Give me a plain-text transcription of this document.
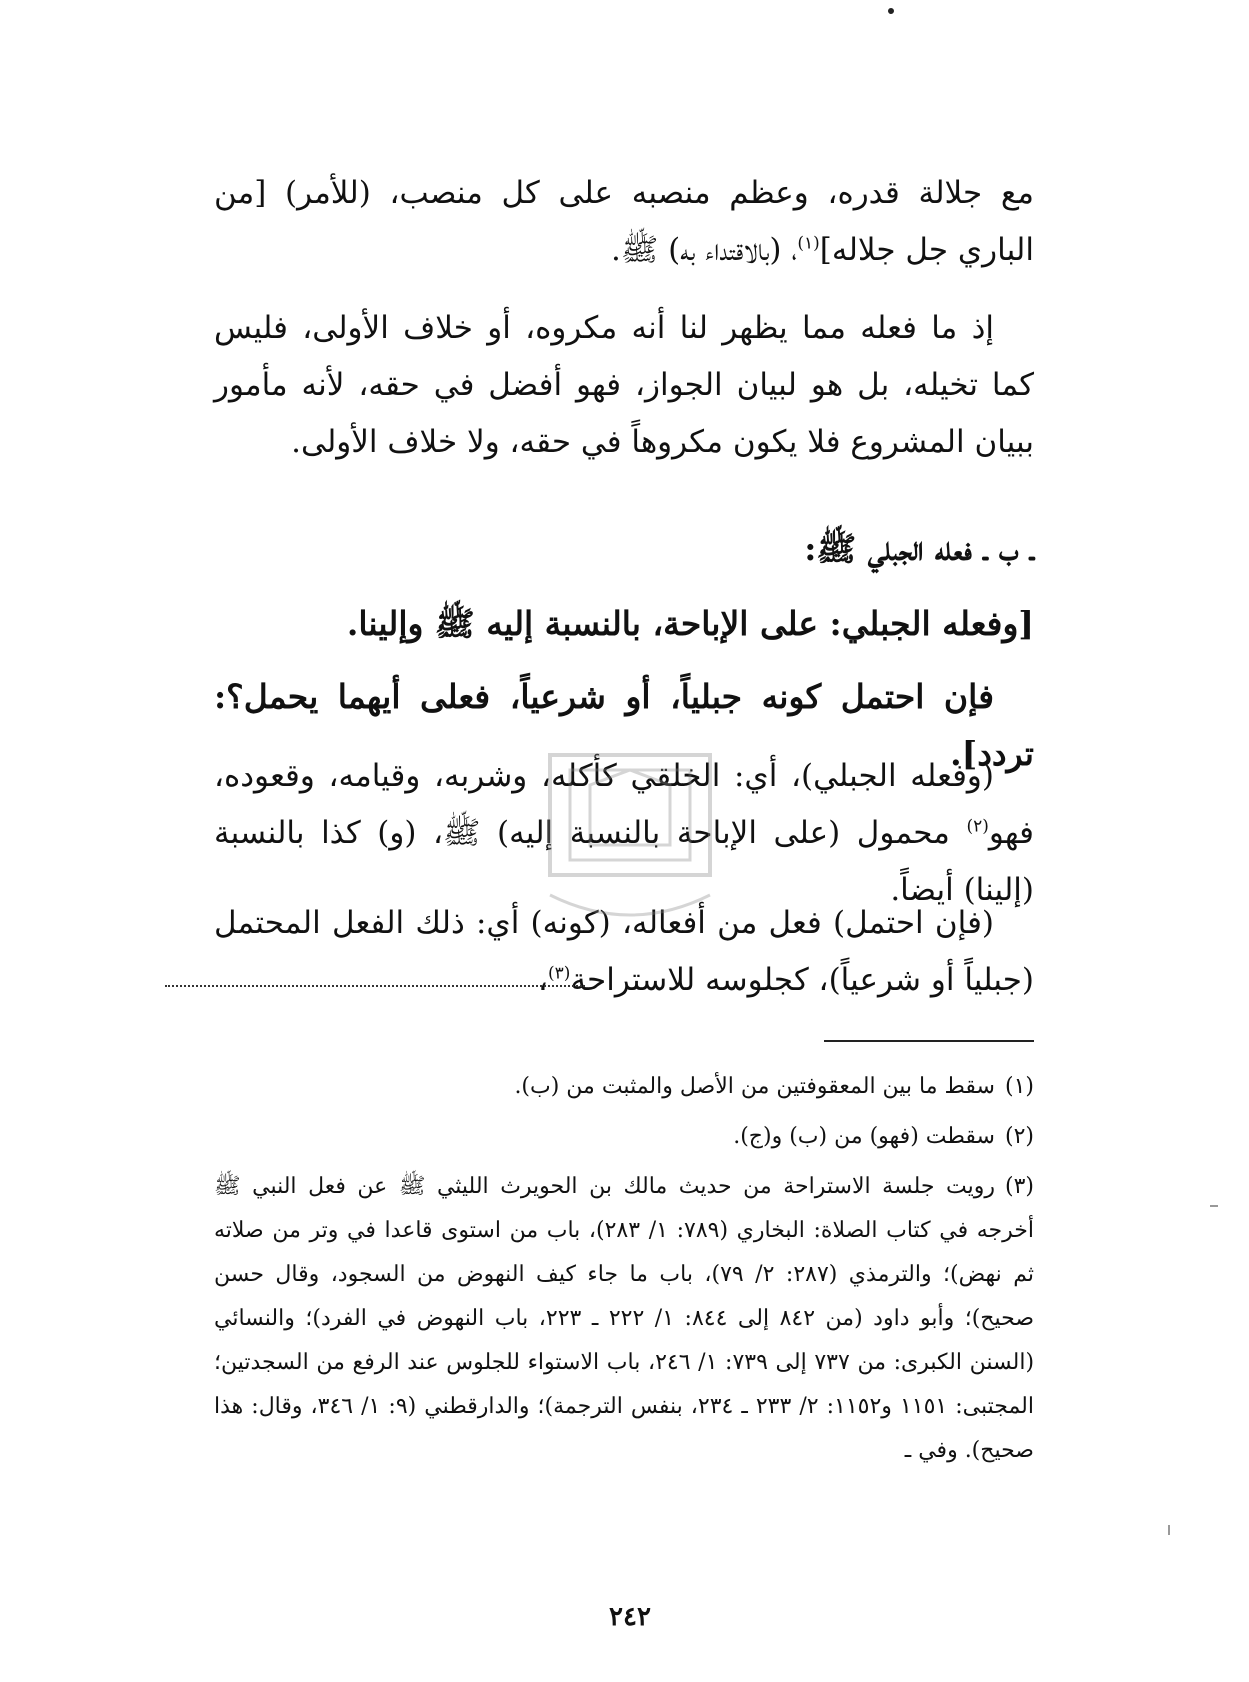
مع جلالة قدره، وعظم منصبه على كل منصب، (للأمر) [من الباري جل جلاله]$^{(١)}$، (بالاقتداء به) ﷺ.
إذ ما فعله مما يظهر لنا أنه مكروه، أو خلاف الأولى، فليس كما تخيله، بل هو لبيان الجواز، فهو أفضل في حقه، لأنه مأمور ببيان المشروع فلا يكون مكروهاً في حقه، ولا خلاف الأولى.
ـ ب ـ فعله الجبلي ﷺ:
[وفعله الجبلي: على الإباحة، بالنسبة إليه ﷺ وإلينا.
فإن احتمل كونه جبلياً، أو شرعياً، فعلى أيهما يحمل؟: تردد].
(وفعله الجبلي)، أي: الخلقي كأكله، وشربه، وقيامه، وقعوده، فهو$^{(٢)}$ محمول (على الإباحة بالنسبة إليه) ﷺ، (و) كذا بالنسبة (إلينا) أيضاً.
(فإن احتمل) فعل من أفعاله، (كونه) أي: ذلك الفعل المحتمل (جبلياً أو شرعياً)، كجلوسه للاستراحة$^{(٣)}$،

(١)سقط ما بين المعقوفتين من الأصل والمثبت من (ب).

(٢)سقطت (فهو) من (ب) و(ج).

(٣)رويت جلسة الاستراحة من حديث مالك بن الحويرث الليثي ﷺ عن فعل النبي ﷺ أخرجه في كتاب الصلاة: البخاري (٧٨٩: ١/ ٢٨٣)، باب من استوى قاعدا في وتر من صلاته ثم نهض)؛ والترمذي (٢٨٧: ٢/ ٧٩)، باب ما جاء كيف النهوض من السجود، وقال حسن صحيح)؛ وأبو داود (من ٨٤٢ إلى ٨٤٤: ١/ ٢٢٢ ـ ٢٢٣، باب النهوض في الفرد)؛ والنسائي (السنن الكبرى: من ٧٣٧ إلى ٧٣٩: ١/ ٢٤٦، باب الاستواء للجلوس عند الرفع من السجدتين؛ المجتبى: ١١٥١ و١١٥٢: ٢/ ٢٣٣ ـ ٢٣٤، بنفس الترجمة)؛ والدارقطني (٩: ١/ ٣٤٦، وقال: هذا صحيح). وفي ـ

٢٤٢
